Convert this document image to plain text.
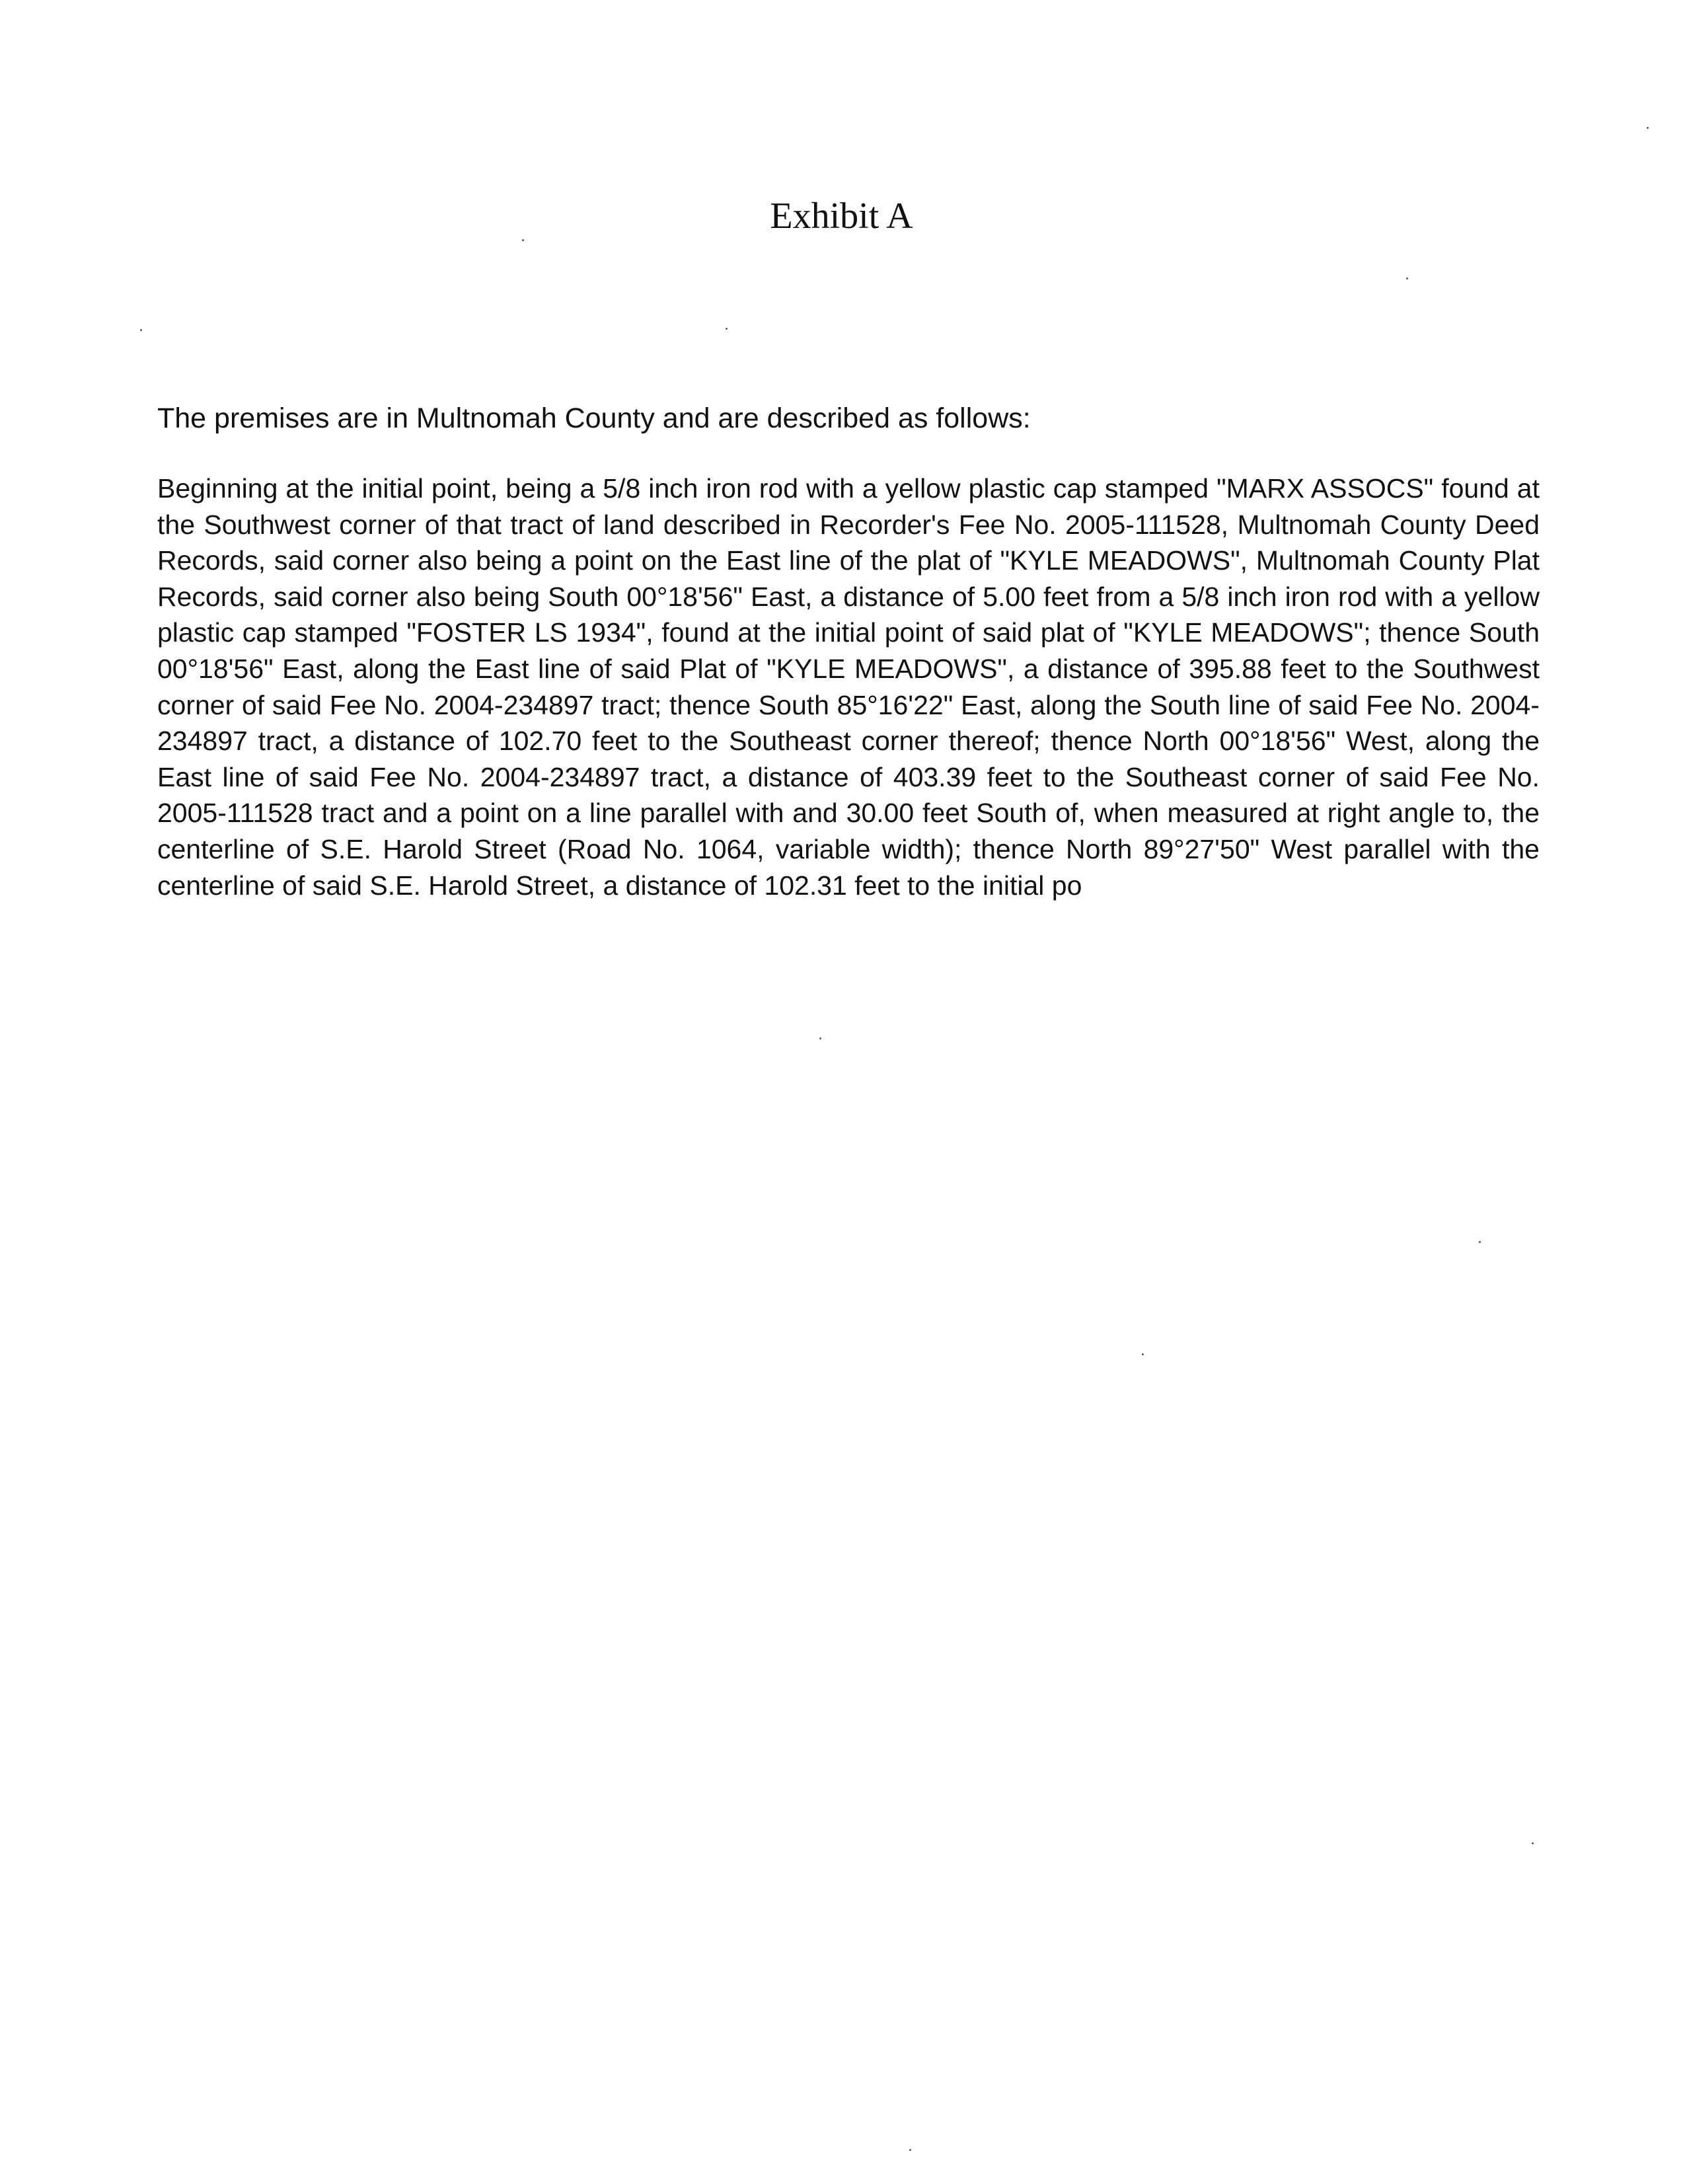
Exhibit A

The premises are in Multnomah County and are described as follows:

Beginning at the initial point, being a 5/8 inch iron rod with a yellow plastic cap stamped "MARX ASSOCS" found at the Southwest corner of that tract of land described in Recorder's Fee No. 2005-111528, Multnomah County Deed Records, said corner also being a point on the East line of the plat of "KYLE MEADOWS", Multnomah County Plat Records, said corner also being South 00°18'56" East, a distance of 5.00 feet from a 5/8 inch iron rod with a yellow plastic cap stamped "FOSTER LS 1934", found at the initial point of said plat of "KYLE MEADOWS"; thence South 00°18'56" East, along the East line of said Plat of "KYLE MEADOWS", a distance of 395.88 feet to the Southwest corner of said Fee No. 2004-234897 tract; thence South 85°16'22" East, along the South line of said Fee No. 2004-234897 tract, a distance of 102.70 feet to the Southeast corner thereof; thence North 00°18'56" West, along the East line of said Fee No. 2004-234897 tract, a distance of 403.39 feet to the Southeast corner of said Fee No. 2005-111528 tract and a point on a line parallel with and 30.00 feet South of, when measured at right angle to, the centerline of S.E. Harold Street (Road No. 1064, variable width); thence North 89°27'50" West parallel with the centerline of said S.E. Harold Street, a distance of 102.31 feet to the initial po
